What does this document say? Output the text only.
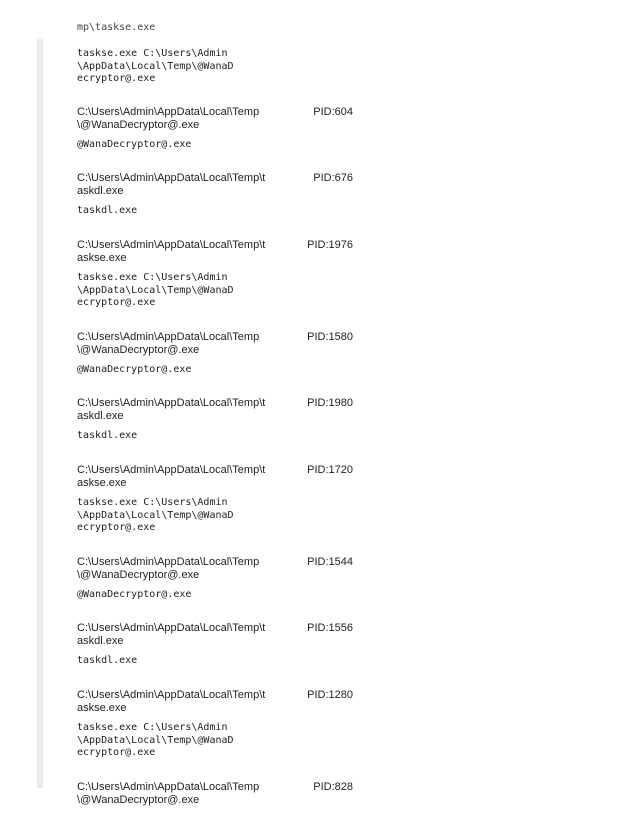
mp\taskse.exe
taskse.exe C:\Users\Admin\AppData\Local\Temp\@WanaDecryptor@.exe
C:\Users\Admin\AppData\Local\Temp\@WanaDecryptor@.exe
PID:604
@WanaDecryptor@.exe
C:\Users\Admin\AppData\Local\Temp\taskdl.exe
PID:676
taskdl.exe
C:\Users\Admin\AppData\Local\Temp\taskse.exe
PID:1976
taskse.exe C:\Users\Admin\AppData\Local\Temp\@WanaDecryptor@.exe
C:\Users\Admin\AppData\Local\Temp\@WanaDecryptor@.exe
PID:1580
@WanaDecryptor@.exe
C:\Users\Admin\AppData\Local\Temp\taskdl.exe
PID:1980
taskdl.exe
C:\Users\Admin\AppData\Local\Temp\taskse.exe
PID:1720
taskse.exe C:\Users\Admin\AppData\Local\Temp\@WanaDecryptor@.exe
C:\Users\Admin\AppData\Local\Temp\@WanaDecryptor@.exe
PID:1544
@WanaDecryptor@.exe
C:\Users\Admin\AppData\Local\Temp\taskdl.exe
PID:1556
taskdl.exe
C:\Users\Admin\AppData\Local\Temp\taskse.exe
PID:1280
taskse.exe C:\Users\Admin\AppData\Local\Temp\@WanaDecryptor@.exe
C:\Users\Admin\AppData\Local\Temp\@WanaDecryptor@.exe
PID:828
